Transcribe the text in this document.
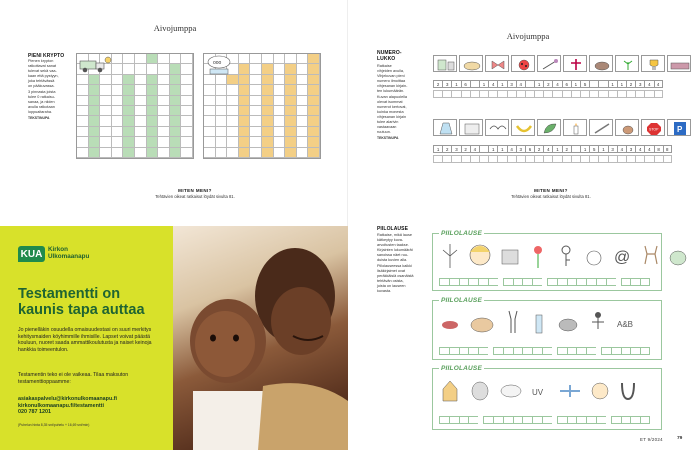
Aivojumppa
PIENI KRYPTO
Pienen krypton
ratkottavat sanat
tulevat sekä vaa-
kaan että pystyyn,
joka tehtävässä
on pääkuvassa.
3 pinnasta joista
tulee 0 ratkaisu-
sanaa, ja niiden
avulla ratkotaan
loppuaitaraha.
TEKSTINUPA
ooo
MITEN MENI?
Tehtävien oikeat ratkaisut löydät sivulta 81.
KUA Kirkon
Ulkomaanapu
Testamentti on kaunis tapa auttaa
Jo pienelläkin osuudella omaisuudestasi on suuri merkitys kehitysmaiden köyhimmille ihmisille. Lapset voivat päästä kouluun, nuoret saada ammattikoulutusta ja naiset keinoja hankkia toimeentulon.
Testamentin teko ei ole vaikeaa. Tilaa maksuton testamenttioppaamme:
asiakaspalvelu@kirkonulkomaanapu.fi
kirkonulkomaanapu.fi/testamentti
020 787 1201
(Puhelun hinta 8,35 snt/puhelu + 16,69 snt/min)
Aivojumppa
NUMERO-
LUKKO
Ratkaise
vihjeiden avulla,
Vihjekuvan pieni
numero ilmoittaa
vihjesanan kirjain-
ten lukumäärän.
Kuvan alapuolella
olevat isommat
numerot kertovat,
kuinka monesta
vihjesanan kirjain
tulee alarivin
vastaavaan
ruutuun.
TEKSTINUPA
2	3	1	6	1	4	1	3	4	1	2	4	6	1	5	1	1	2	3	4	4
STOP P
1	2	3	2	4	1	1	4	3	6	2	4	1	2	1	5	1	3	4	3	4	4	8	8
MITEN MENI?
Tehtävien oikeat ratkaisut löydät sivulta 81.
PIILOLAUSE
Ratkaise, mikä lause
kätkeytyy kuva-
arvoitusten taakse.
Kirjainten lukumäärät
sanoissa näet ruu-
duista kuvien alla.
Piilolauseessa kaikki
lisäkirjaimet ovat
peräkkäisiä osanäistä
tehtävän osista,
joista on lauseen
kuvasta.
PIILOLAUSE
@
PIILOLAUSE
A&B
PIILOLAUSE
UV
ET 9/2024	79
